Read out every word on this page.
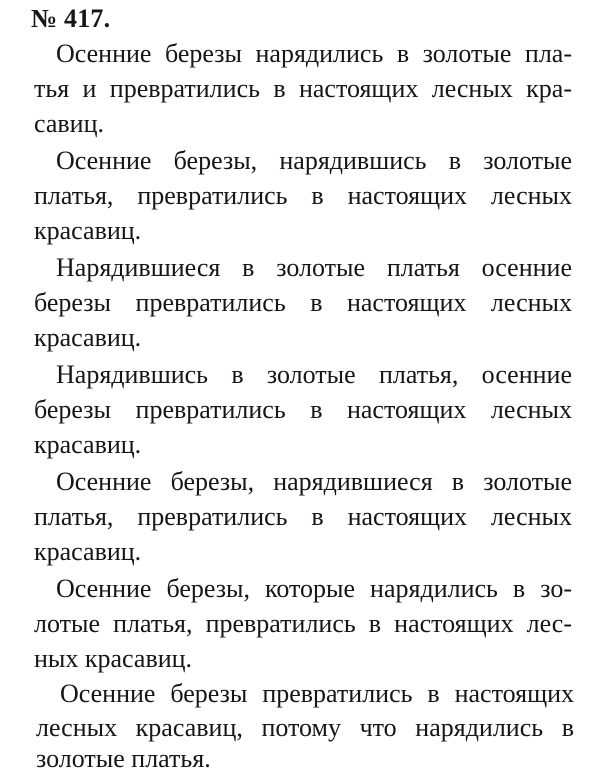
№ 417.
Осенние березы нарядились в золотые пла-
тья и превратились в настоящих лесных кра-
савиц.
Осенние березы, нарядившись в золотые
платья, превратились в настоящих лесных
красавиц.
Нарядившиеся в золотые платья осенние
березы превратились в настоящих лесных
красавиц.
Нарядившись в золотые платья, осенние
березы превратились в настоящих лесных
красавиц.
Осенние березы, нарядившиеся в золотые
платья, превратились в настоящих лесных
красавиц.
Осенние березы, которые нарядились в зо-
лотые платья, превратились в настоящих лес-
ных красавиц.
Осенние березы превратились в настоящих
лесных красавиц, потому что нарядились в
золотые платья.
